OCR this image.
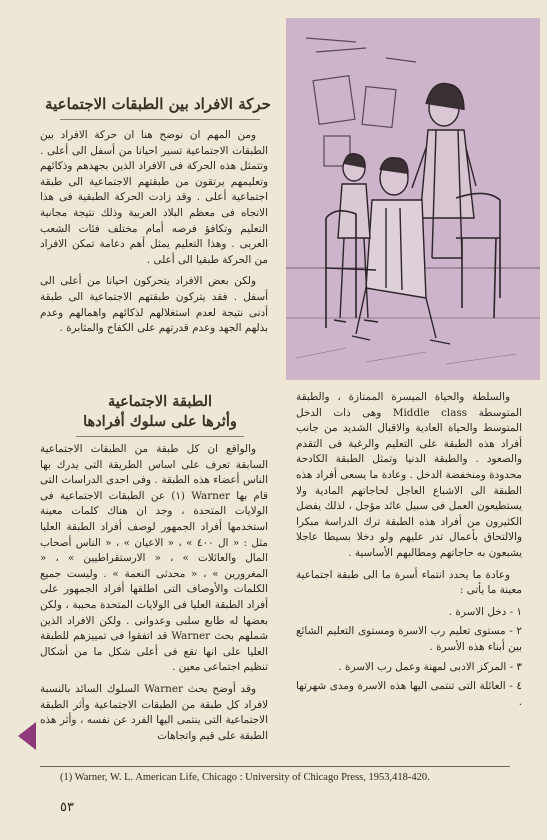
حركة الافراد بين الطبقات الاجتماعية

ومن المهم ان نوضح هنا ان حركة الافراد بين الطبقات الاجتماعية تسير احيانا من أسفل الى أعلى . وتتمثل هذه الحركة فى الافراد الذين بجهدهم وذكائهم وتعليمهم يرتقون من طبقتهم الاجتماعية الى طبقة اجتماعية أعلى . وقد زادت الحركة الطبقية فى هذا الاتجاه فى معظم البلاد العربية وذلك نتيجة مجانية التعليم وتكافؤ فرصه أمام مختلف فئات الشعب العربى . وهذا التعليم يمثل أهم دعامة تمكن الافراد من الحركة طبقيا الى أعلى .

ولكن بعض الافراد يتحركون احيانا من أعلى الى أسفل . فقد يتركون طبقتهم الاجتماعية الى طبقة أدنى نتيجة لعدم استغلالهم لذكائهم واهمالهم وعدم بذلهم الجهد وعدم قدرتهم على الكفاح والمثابرة .

الطبقة الاجتماعية
وأثرها على سلوك أفرادها

والواقع ان كل طبقة من الطبقات الاجتماعية السابقة تعرف على اساس الطريقة التى يدرك بها الناس أعضاء هذه الطبقة . وفى احدى الدراسات التى قام بها Warner (١) عن الطبقات الاجتماعية فى الولايات المتحدة ، وجد ان هناك كلمات معينة استخدمها أفراد الجمهور لوصف أفراد الطبقة العليا مثل : « ال ٤٠٠ » ، « الاعيان » ، « الناس أصحاب المال والعائلات » ، « الارستقراطيين » ، « المغرورين » ، « محدثى النعمة » . وليست جميع الكلمات والأوصاف التى اطلقها أفراد الجمهور على أفراد الطبقة العليا فى الولايات المتحدة محببة ، ولكن بعضها له طابع سلبى وعدوانى . ولكن الافراد الذين شملهم بحث Warner قد اتفقوا فى تمييزهم للطبقة العليا على انها تقع فى أعلى شكل ما من أشكال تنظيم اجتماعى معين .

وقد أوضح بحث Warner السلوك السائد بالنسبة لافراد كل طبقة من الطبقات الاجتماعية وأثر الطبقة الاجتماعية التى ينتمى اليها الفرد عن نفسه ، وأثر هذه الطبقة على قيم واتجاهات

والسلطة والحياة الميسرة الممتازة ، والطبقة المتوسطة Middle class وهى ذات الدخل المتوسط والحياة العادية والاقبال الشديد من جانب أفراد هذه الطبقة على التعليم والرغبة فى التقدم والصعود . والطبقة الدنيا وتمثل الطبقة الكادحة محدودة ومنخفضة الدخل . وعادة ما يسعى أفراد هذه الطبقة الى الاشباع العاجل لحاجاتهم المادية ولا يستطيعون العمل فى سبيل عائد مؤجل ، لذلك يفضل الكثيرون من أفراد هذه الطبقة ترك الدراسة مبكرا والالتحاق بأعمال تدر عليهم ولو دخلا بسيطا عاجلا يشبعون به حاجاتهم ومطالبهم الأساسية .

وعادة ما يحدد انتماء أسرة ما الى طبقة اجتماعية معينة ما يأتى :

١ - دخل الاسرة .
٢ - مستوى تعليم رب الاسرة ومستوى التعليم الشائع بين أبناء هذه الأسرة .
٣ - المركز الادبى لمهنة وعمل رب الاسرة .
٤ - العائلة التى تنتمى اليها هذه الاسرة ومدى شهرتها .
(1) Warner, W. L. American Life, Chicago : University of Chicago Press, 1953,418-420.
٥٣
